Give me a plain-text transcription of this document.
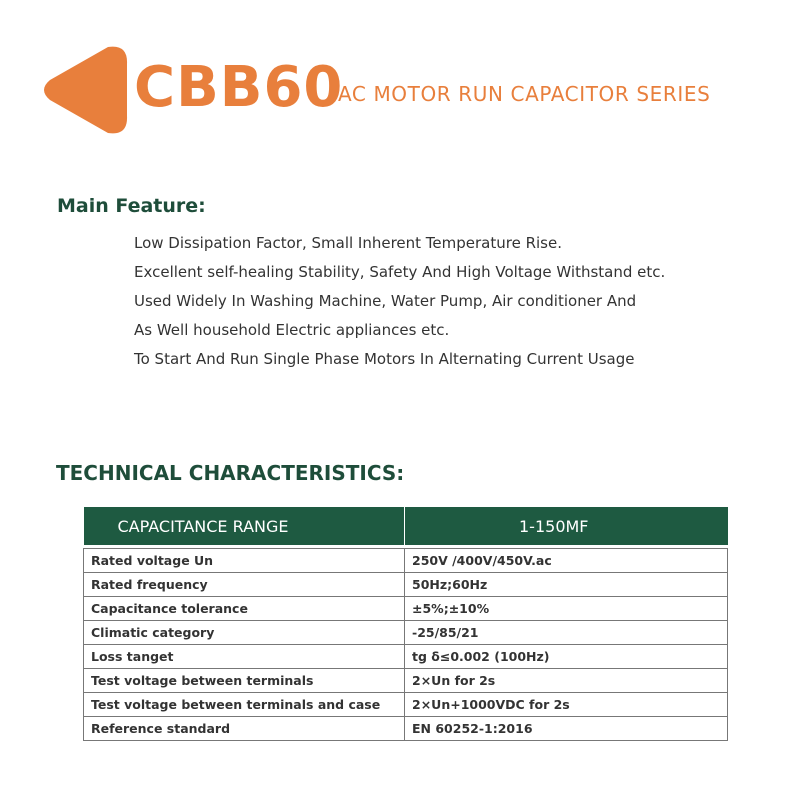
CBB60
AC MOTOR RUN CAPACITOR SERIES
Main Feature:
Low Dissipation Factor, Small Inherent Temperature Rise.
Excellent self-healing Stability, Safety And High Voltage Withstand etc.
Used Widely In Washing Machine, Water Pump, Air conditioner And
As Well household Electric appliances etc.
To Start And Run Single Phase Motors In Alternating Current Usage
TECHNICAL CHARACTERISTICS:
CAPACITANCE RANGE	1-150MF

Rated voltage Un	250V /400V/450V.ac
Rated frequency	50Hz;60Hz
Capacitance tolerance	±5%;±10%
Climatic category	-25/85/21
Loss tanget	tg δ≤0.002 (100Hz)
Test voltage between terminals	2×Un for 2s
Test voltage between terminals and case	2×Un+1000VDC for 2s
Reference standard	EN 60252-1:2016
